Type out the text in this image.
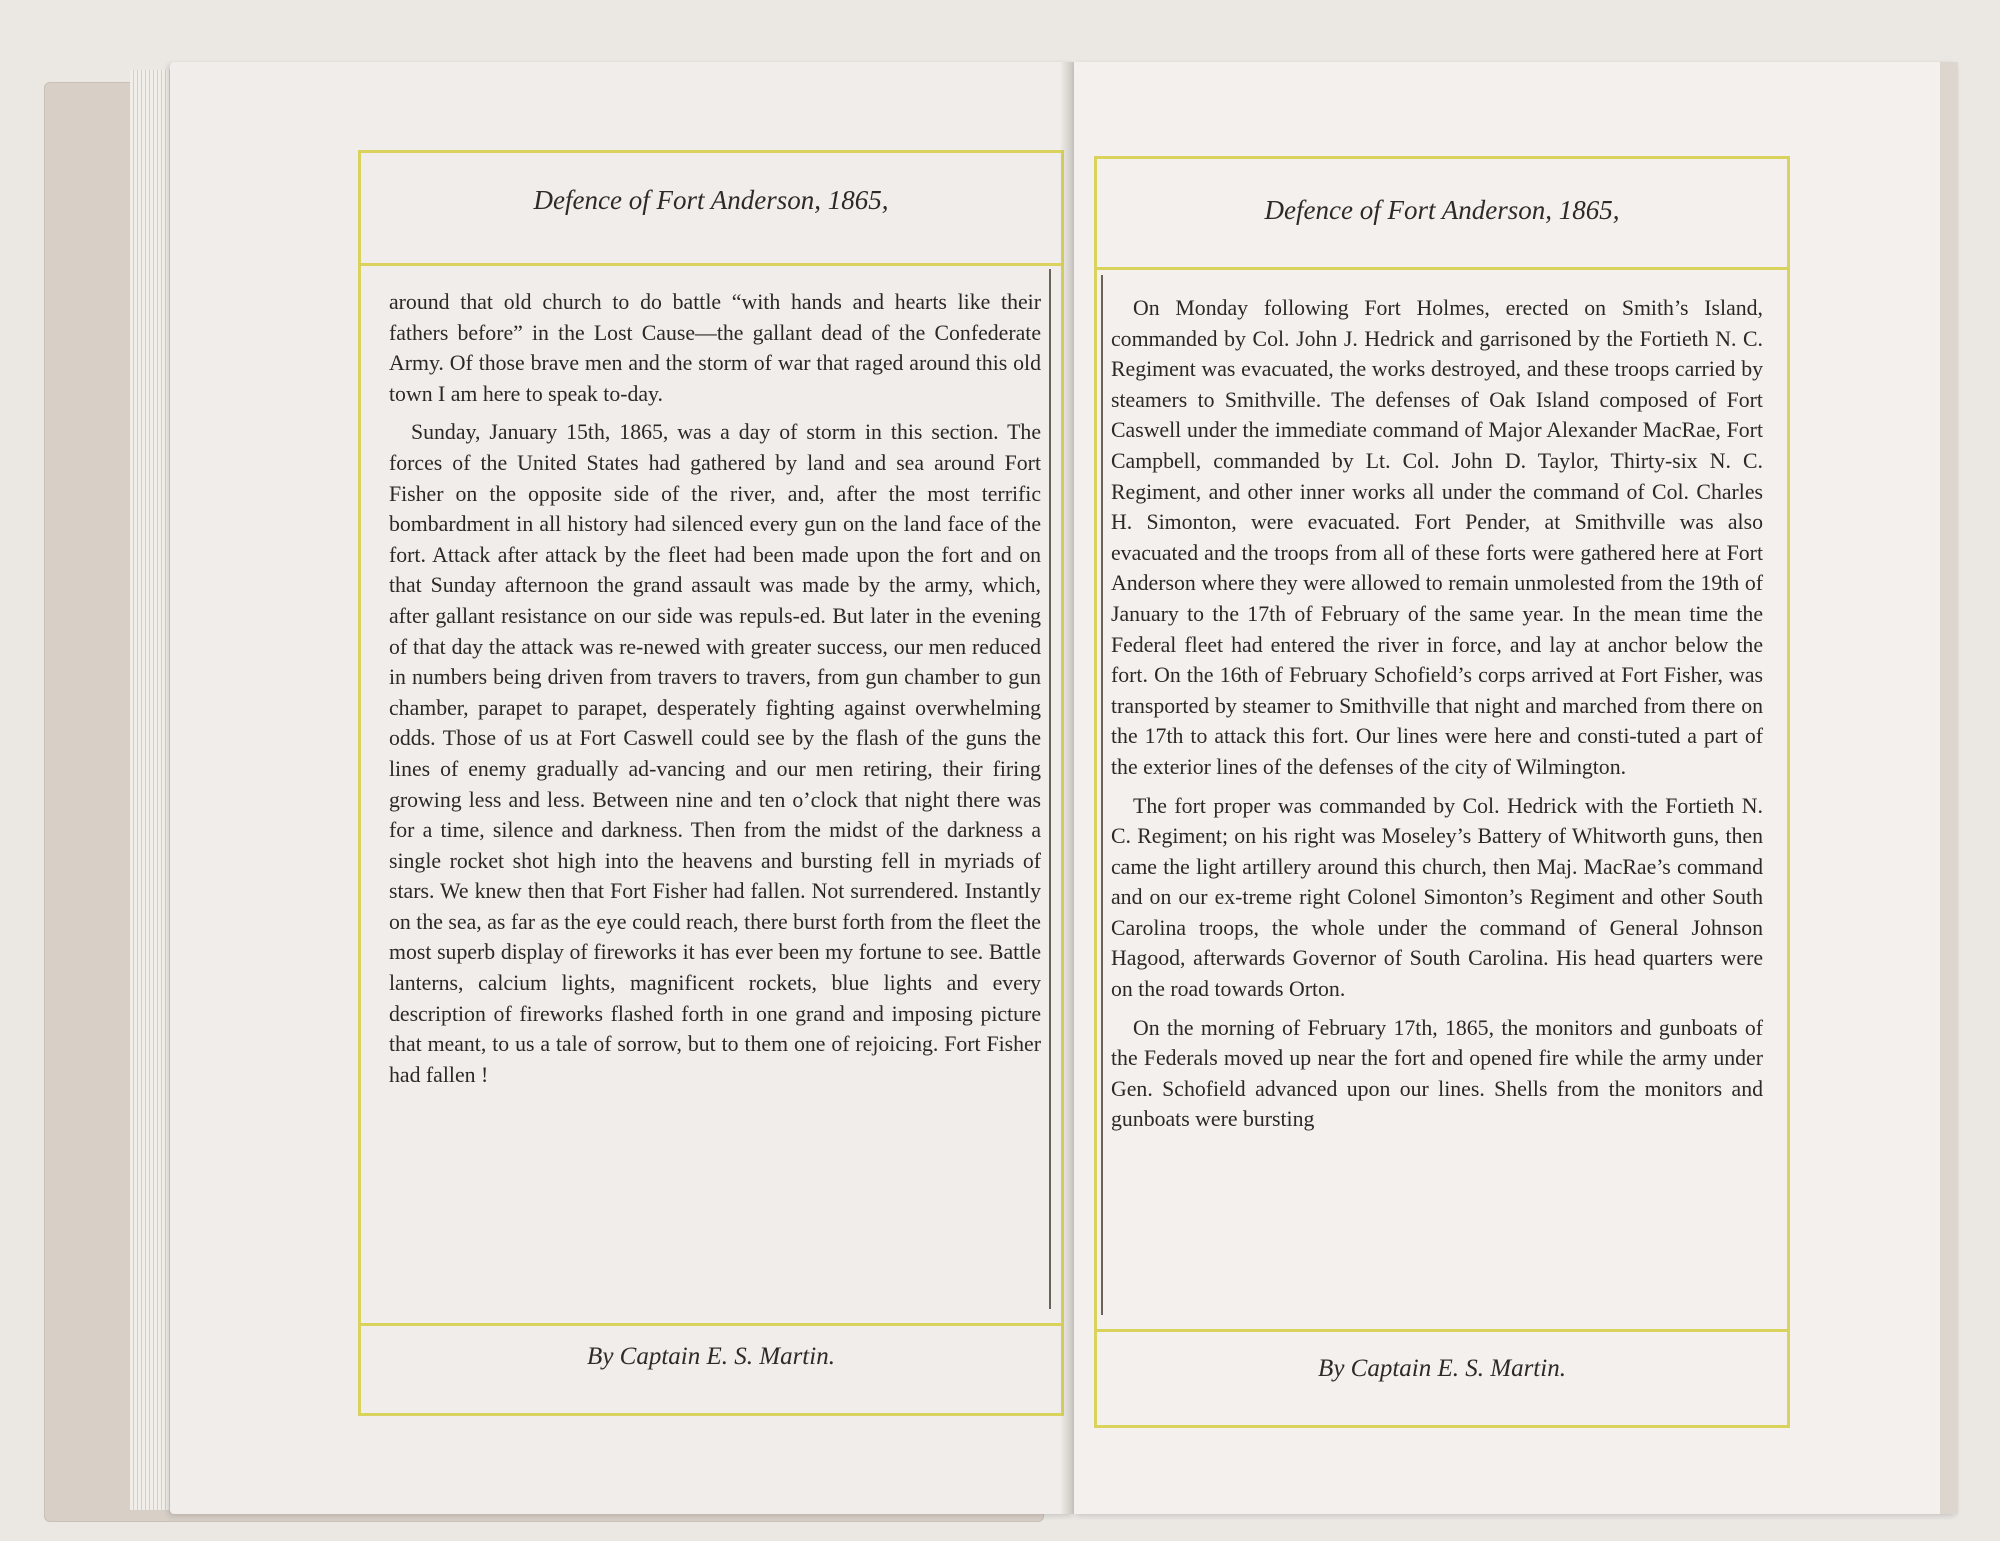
Defence of Fort Anderson, 1865,

around that old church to do battle “with hands and hearts like their fathers before” in the Lost Cause—the gallant dead of the Confederate Army. Of those brave men and the storm of war that raged around this old town I am here to speak to-day.

Sunday, January 15th, 1865, was a day of storm in this section. The forces of the United States had gathered by land and sea around Fort Fisher on the opposite side of the river, and, after the most terrific bombardment in all history had silenced every gun on the land face of the fort. Attack after attack by the fleet had been made upon the fort and on that Sunday afternoon the grand assault was made by the army, which, after gallant resistance on our side was repuls-ed. But later in the evening of that day the attack was re-newed with greater success, our men reduced in numbers being driven from travers to travers, from gun chamber to gun chamber, parapet to parapet, desperately fighting against overwhelming odds. Those of us at Fort Caswell could see by the flash of the guns the lines of enemy gradually ad-vancing and our men retiring, their firing growing less and less. Between nine and ten o’clock that night there was for a time, silence and darkness. Then from the midst of the darkness a single rocket shot high into the heavens and bursting fell in myriads of stars. We knew then that Fort Fisher had fallen. Not surrendered. Instantly on the sea, as far as the eye could reach, there burst forth from the fleet the most superb display of fireworks it has ever been my fortune to see. Battle lanterns, calcium lights, magnificent rockets, blue lights and every description of fireworks flashed forth in one grand and imposing picture that meant, to us a tale of sorrow, but to them one of rejoicing. Fort Fisher had fallen !

By Captain E. S. Martin.
Defence of Fort Anderson, 1865,

On Monday following Fort Holmes, erected on Smith’s Island, commanded by Col. John J. Hedrick and garrisoned by the Fortieth N. C. Regiment was evacuated, the works destroyed, and these troops carried by steamers to Smithville. The defenses of Oak Island composed of Fort Caswell under the immediate command of Major Alexander MacRae, Fort Campbell, commanded by Lt. Col. John D. Taylor, Thirty-six N. C. Regiment, and other inner works all under the command of Col. Charles H. Simonton, were evacuated. Fort Pender, at Smithville was also evacuated and the troops from all of these forts were gathered here at Fort Anderson where they were allowed to remain unmolested from the 19th of January to the 17th of February of the same year. In the mean time the Federal fleet had entered the river in force, and lay at anchor below the fort. On the 16th of February Schofield’s corps arrived at Fort Fisher, was transported by steamer to Smithville that night and marched from there on the 17th to attack this fort. Our lines were here and consti-tuted a part of the exterior lines of the defenses of the city of Wilmington.

The fort proper was commanded by Col. Hedrick with the Fortieth N. C. Regiment; on his right was Moseley’s Battery of Whitworth guns, then came the light artillery around this church, then Maj. MacRae’s command and on our ex-treme right Colonel Simonton’s Regiment and other South Carolina troops, the whole under the command of General Johnson Hagood, afterwards Governor of South Carolina. His head quarters were on the road towards Orton.

On the morning of February 17th, 1865, the monitors and gunboats of the Federals moved up near the fort and opened fire while the army under Gen. Schofield advanced upon our lines. Shells from the monitors and gunboats were bursting

By Captain E. S. Martin.
